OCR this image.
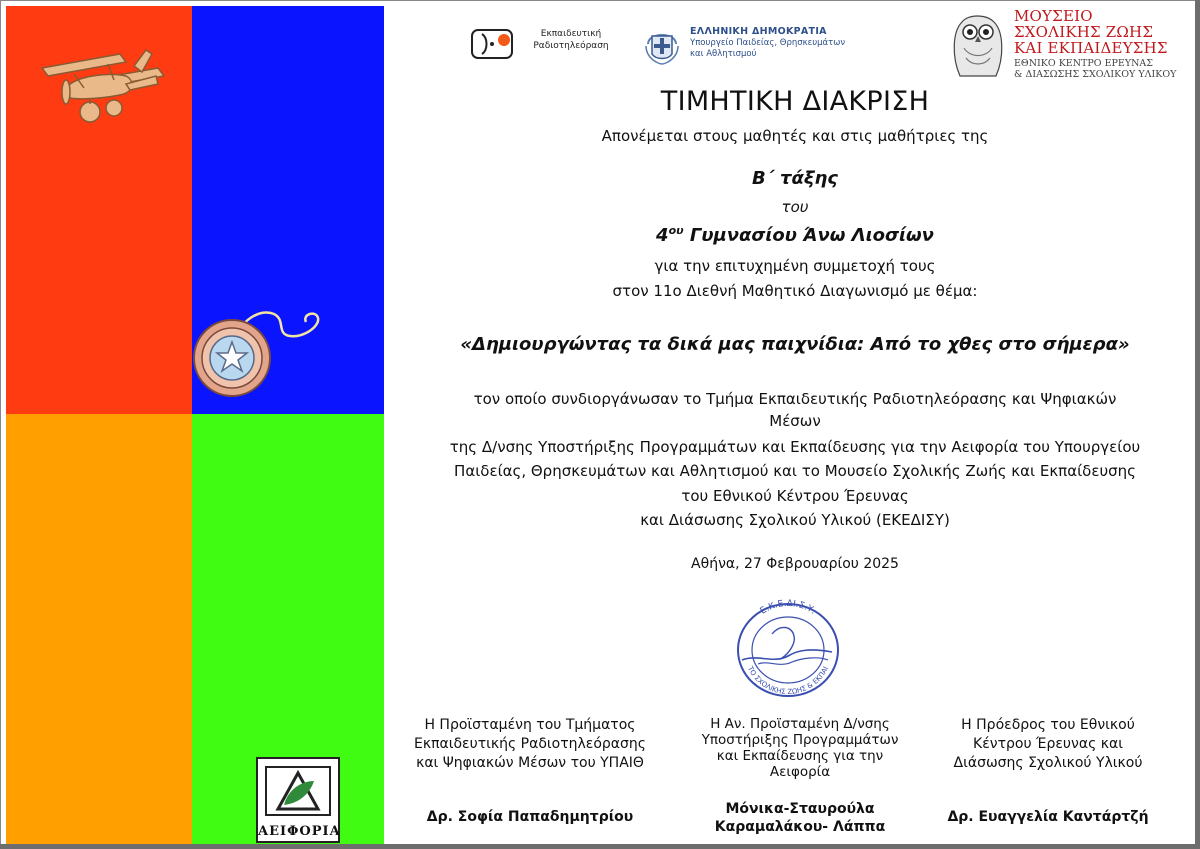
ΑΕΙΦΟΡΙΑ
Εκπαιδευτική Ραδιοτηλεόραση
ΕΛΛΗΝΙΚΗ ΔΗΜΟΚΡΑΤΙΑ
Υπουργείο Παιδείας, Θρησκευμάτων
και Αθλητισμού
ΜΟΥΣΕΙΟ
ΣΧΟΛΙΚΗΣ ΖΩΗΣ
ΚΑΙ ΕΚΠΑΙΔΕΥΣΗΣ
ΕΘΝΙΚΟ ΚΕΝΤΡΟ ΕΡΕΥΝΑΣ
& ΔΙΑΣΩΣΗΣ ΣΧΟΛΙΚΟΥ ΥΛΙΚΟΥ
ΤΙΜΗΤΙΚΗ ΔΙΑΚΡΙΣΗ
Απονέμεται στους μαθητές και στις μαθήτριες της
Β΄ τάξης
του
$4^{o\upsilon}$ Γυμνασίου Άνω Λιοσίων
για την επιτυχημένη συμμετοχή τους
στον 11ο Διεθνή Μαθητικό Διαγωνισμό με θέμα:
«Δημιουργώντας τα δικά μας παιχνίδια: Από το χθες στο σήμερα»
τον οποίο συνδιοργάνωσαν το Τμήμα Εκπαιδευτικής Ραδιοτηλεόρασης και Ψηφιακών
Μέσων
της Δ/νσης Υποστήριξης Προγραμμάτων και Εκπαίδευσης για την Αειφορία του Υπουργείου
Παιδείας, Θρησκευμάτων και Αθλητισμού και το Μουσείο Σχολικής Ζωής και Εκπαίδευσης
του Εθνικού Κέντρου Έρευνας
και Διάσωσης Σχολικού Υλικού (ΕΚΕΔΙΣΥ)
Αθήνα, 27 Φεβρουαρίου 2025
Ε.Κ.Ε.ΔΙ.Σ.Υ.
ΤΟ ΣΧΟΛΙΚΗΣ ΖΩΗΣ & ΕΚΠΑΙ
Η Προϊσταμένη του Τμήματος
Εκπαιδευτικής Ραδιοτηλεόρασης
και Ψηφιακών Μέσων του ΥΠΑΙΘ
Δρ. Σοφία Παπαδημητρίου
Η Αν. Προϊσταμένη Δ/νσης
Υποστήριξης Προγραμμάτων
και Εκπαίδευσης για την
Αειφορία
Μόνικα-Σταυρούλα
Καραμαλάκου- Λάππα
Η Πρόεδρος του Εθνικού
Κέντρου Έρευνας και
Διάσωσης Σχολικού Υλικού
Δρ. Ευαγγελία Καντάρτζή
